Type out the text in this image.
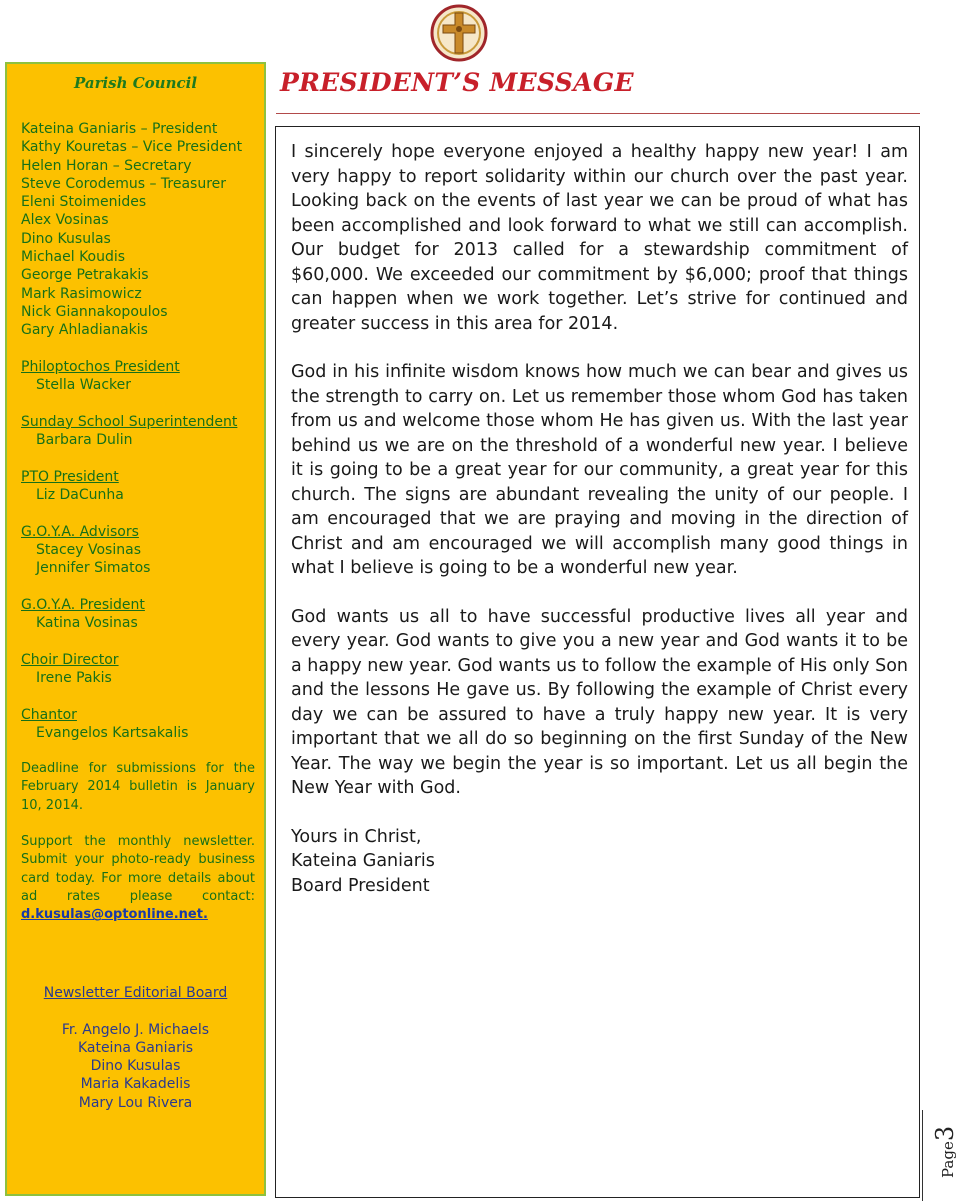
Parish Council
Kateina Ganiaris – President
Kathy Kouretas – Vice President
Helen Horan – Secretary
Steve Corodemus – Treasurer
Eleni Stoimenides
Alex Vosinas
Dino Kusulas
Michael Koudis
George Petrakakis
Mark Rasimowicz
Nick Giannakopoulos
Gary Ahladianakis
Philoptochos President
Stella Wacker
Sunday School Superintendent
Barbara Dulin
PTO President
Liz DaCunha
G.O.Y.A. Advisors
Stacey Vosinas
Jennifer Simatos
G.O.Y.A. President
Katina Vosinas
Choir Director
Irene Pakis
Chantor
Evangelos Kartsakalis
Deadline for submissions for the February 2014 bulletin is January 10, 2014.
Support the monthly newsletter. Submit your photo-ready business card today. For more details about ad rates please contact: d.kusulas@optonline.net.
Newsletter Editorial Board
Fr. Angelo J. Michaels
Kateina Ganiaris
Dino Kusulas
Maria Kakadelis
Mary Lou Rivera
PRESIDENT’S MESSAGE

I sincerely hope everyone enjoyed a healthy happy new year! I am very happy to report solidarity within our church over the past year. Looking back on the events of last year we can be proud of what has been accomplished and look forward to what we still can accomplish. Our budget for 2013 called for a stewardship commitment of $60,000. We exceeded our commitment by $6,000; proof that things can happen when we work together. Let’s strive for continued and greater success in this area for 2014.

God in his infinite wisdom knows how much we can bear and gives us the strength to carry on. Let us remember those whom God has taken from us and welcome those whom He has given us. With the last year behind us we are on the threshold of a wonderful new year. I believe it is going to be a great year for our community, a great year for this church. The signs are abundant revealing the unity of our people. I am encouraged that we are praying and moving in the direction of Christ and am encouraged we will accomplish many good things in what I believe is going to be a wonderful new year.

God wants us all to have successful productive lives all year and every year. God wants to give you a new year and God wants it to be a happy new year. God wants us to follow the example of His only Son and the lessons He gave us. By following the example of Christ every day we can be assured to have a truly happy new year. It is very important that we all do so beginning on the first Sunday of the New Year. The way we begin the year is so important. Let us all begin the New Year with God.

Yours in Christ,
Kateina Ganiaris
Board President

Page3
